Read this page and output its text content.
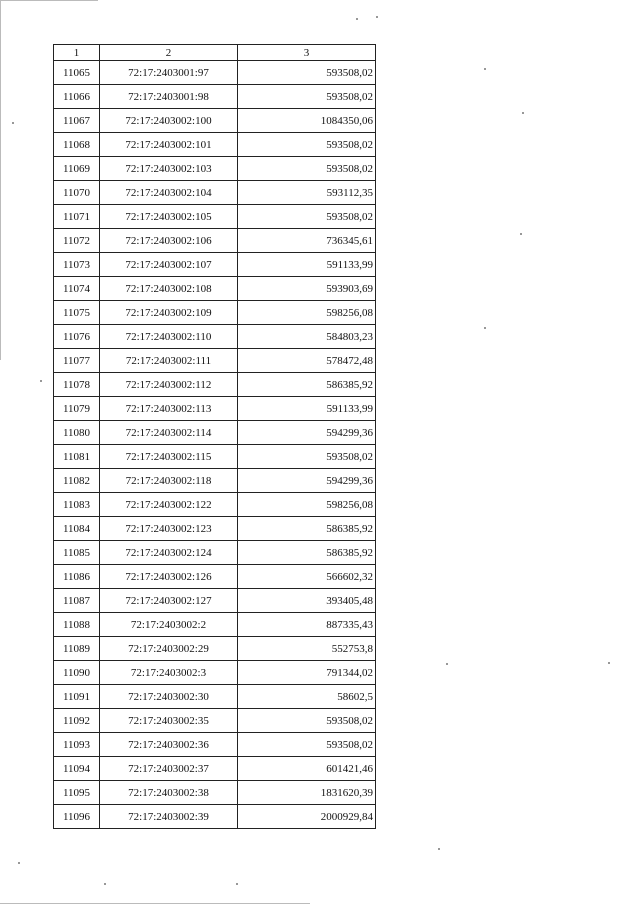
1	2	3
11065	72:17:2403001:97	593508,02
11066	72:17:2403001:98	593508,02
11067	72:17:2403002:100	1084350,06
11068	72:17:2403002:101	593508,02
11069	72:17:2403002:103	593508,02
11070	72:17:2403002:104	593112,35
11071	72:17:2403002:105	593508,02
11072	72:17:2403002:106	736345,61
11073	72:17:2403002:107	591133,99
11074	72:17:2403002:108	593903,69
11075	72:17:2403002:109	598256,08
11076	72:17:2403002:110	584803,23
11077	72:17:2403002:111	578472,48
11078	72:17:2403002:112	586385,92
11079	72:17:2403002:113	591133,99
11080	72:17:2403002:114	594299,36
11081	72:17:2403002:115	593508,02
11082	72:17:2403002:118	594299,36
11083	72:17:2403002:122	598256,08
11084	72:17:2403002:123	586385,92
11085	72:17:2403002:124	586385,92
11086	72:17:2403002:126	566602,32
11087	72:17:2403002:127	393405,48
11088	72:17:2403002:2	887335,43
11089	72:17:2403002:29	552753,8
11090	72:17:2403002:3	791344,02
11091	72:17:2403002:30	58602,5
11092	72:17:2403002:35	593508,02
11093	72:17:2403002:36	593508,02
11094	72:17:2403002:37	601421,46
11095	72:17:2403002:38	1831620,39
11096	72:17:2403002:39	2000929,84
